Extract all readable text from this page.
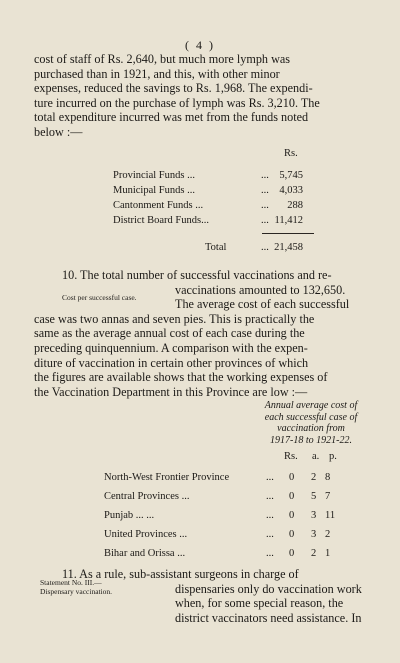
( 4 )
cost of staff of Rs. 2,640, but much more lymph was
purchased than in 1921, and this, with other minor
expenses, reduced the savings to Rs. 1,968. The expendi-
ture incurred on the purchase of lymph was Rs. 3,210. The
total expenditure incurred was met from the funds noted
below :—
Rs.
Provincial Funds ...	...	5,745
Municipal Funds ...	...	4,033
Cantonment Funds ...	...	288
District Board Funds...	... 11,412
Total	... 21,458
Cost per successful case.
10. The total number of successful vaccinations and re-
vaccinations amounted to 132,650.
The average cost of each successful
case was two annas and seven pies. This is practically the
same as the average annual cost of each case during the
preceding quinquennium. A comparison with the expen-
diture of vaccination in certain other provinces of which
the figures are available shows that the working expenses of
the Vaccination Department in this Province are low :—
Annual average cost of
each successful case of
vaccination from
1917-18 to 1921-22.
Rs. a. p.
North-West Frontier Province	... 0 2 8
Central Provinces ...	... 0 5 7
Punjab ... ...	... 0 3 11
United Provinces ...	... 0 3 2
Bihar and Orissa ...	... 0 2 1
Statement No. III.—
Dispensary vaccination.
11. As a rule, sub-assistant surgeons in charge of
dispensaries only do vaccination work
when, for some special reason, the
district vaccinators need assistance. In
